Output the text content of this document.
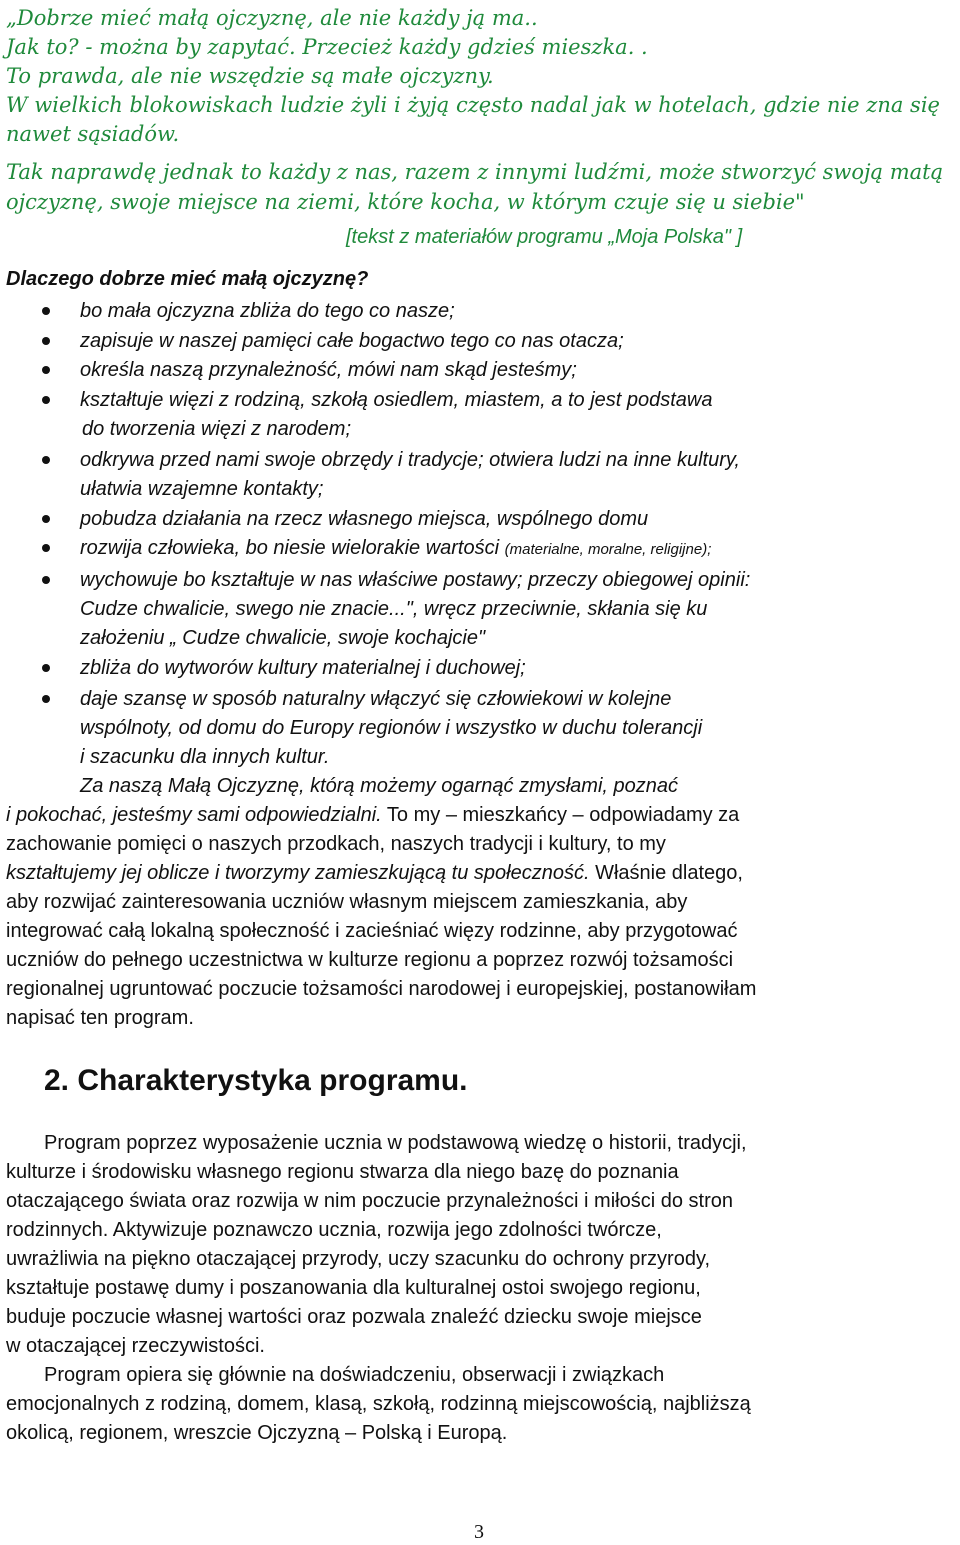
„Dobrze mieć małą ojczyznę, ale nie każdy ją ma..
Jak to? - można by zapytać. Przecież każdy gdzieś mieszka. .
To prawda, ale nie wszędzie są małe ojczyzny.
W wielkich blokowiskach ludzie żyli i żyją często nadal jak w hotelach, gdzie nie zna się
nawet sąsiadów.
Tak naprawdę jednak to każdy z nas, razem z innymi ludźmi, może stworzyć swoją matą
ojczyznę, swoje miejsce na ziemi, które kocha, w którym czuje się u siebie"
[tekst z materiałów programu „Moja Polska" ]
Dlaczego dobrze mieć małą ojczyznę?
bo mała ojczyzna zbliża do tego co nasze;
zapisuje w naszej pamięci całe bogactwo tego co nas otacza;
określa naszą przynależność, mówi nam skąd jesteśmy;
kształtuje więzi z rodziną, szkołą osiedlem, miastem, a to jest podstawa
do tworzenia więzi z narodem;
odkrywa przed nami swoje obrzędy i tradycje; otwiera ludzi na inne kultury,
ułatwia wzajemne kontakty;
pobudza działania na rzecz własnego miejsca, wspólnego domu
rozwija człowieka, bo niesie wielorakie wartości (materialne, moralne, religijne);
wychowuje bo kształtuje w nas właściwe postawy; przeczy obiegowej opinii:
Cudze chwalicie, swego nie znacie...", wręcz przeciwnie, skłania się ku
założeniu „ Cudze chwalicie, swoje kochajcie"
zbliża do wytworów kultury materialnej i duchowej;
daje szansę w sposób naturalny włączyć się człowiekowi w kolejne
wspólnoty, od domu do Europy regionów i wszystko w duchu tolerancji
i szacunku dla innych kultur.
Za naszą Małą Ojczyznę, którą możemy ogarnąć zmysłami, poznać
i pokochać, jesteśmy sami odpowiedzialni. To my – mieszkańcy – odpowiadamy za
zachowanie pomięci o naszych przodkach, naszych tradycji i kultury, to my
kształtujemy jej oblicze i tworzymy zamieszkującą tu społeczność. Właśnie dlatego,
aby rozwijać zainteresowania uczniów własnym miejscem zamieszkania, aby
integrować całą lokalną społeczność i zacieśniać więzy rodzinne, aby przygotować
uczniów do pełnego uczestnictwa w kulturze regionu a poprzez rozwój tożsamości
regionalnej ugruntować poczucie tożsamości narodowej i europejskiej, postanowiłam
napisać ten program.
2. Charakterystyka programu.
Program poprzez wyposażenie ucznia w podstawową wiedzę o historii, tradycji,
kulturze i środowisku własnego regionu stwarza dla niego bazę do poznania
otaczającego świata oraz rozwija w nim poczucie przynależności i miłości do stron
rodzinnych. Aktywizuje poznawczo ucznia, rozwija jego zdolności twórcze,
uwrażliwia na piękno otaczającej przyrody, uczy szacunku do ochrony przyrody,
kształtuje postawę dumy i poszanowania dla kulturalnej ostoi swojego regionu,
buduje poczucie własnej wartości oraz pozwala znaleźć dziecku swoje miejsce
w otaczającej rzeczywistości.
Program opiera się głównie na doświadczeniu, obserwacji i związkach
emocjonalnych z rodziną, domem, klasą, szkołą, rodzinną miejscowością, najbliższą
okolicą, regionem, wreszcie Ojczyzną – Polską i Europą.
3
